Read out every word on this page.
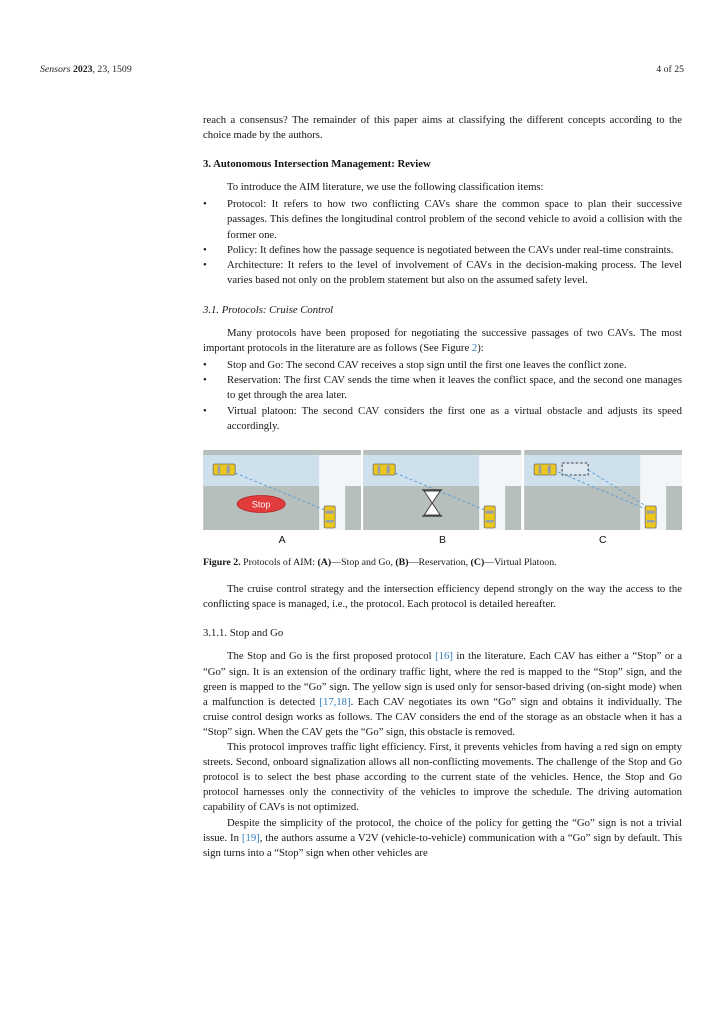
Sensors 2023, 23, 1509	4 of 25

reach a consensus? The remainder of this paper aims at classifying the different concepts according to the choice made by the authors.

3. Autonomous Intersection Management: Review

To introduce the AIM literature, we use the following classification items:

•	Protocol: It refers to how two conflicting CAVs share the common space to plan their successive passages. This defines the longitudinal control problem of the second vehicle to avoid a collision with the former one.
•	Policy: It defines how the passage sequence is negotiated between the CAVs under real-time constraints.
•	Architecture: It refers to the level of involvement of CAVs in the decision-making process. The level varies based not only on the problem statement but also on the assumed safety level.
3.1. Protocols: Cruise Control

Many protocols have been proposed for negotiating the successive passages of two CAVs. The most important protocols in the literature are as follows (See Figure 2):

•	Stop and Go: The second CAV receives a stop sign until the first one leaves the conflict zone.
•	Reservation: The first CAV sends the time when it leaves the conflict space, and the second one manages to get through the area later.
•	Virtual platoon: The second CAV considers the first one as a virtual obstacle and adjusts its speed accordingly.
Stop
A	B	C
Figure 2. Protocols of AIM: (A)—Stop and Go, (B)—Reservation, (C)—Virtual Platoon.

The cruise control strategy and the intersection efficiency depend strongly on the way the access to the conflicting space is managed, i.e., the protocol. Each protocol is detailed hereafter.

3.1.1. Stop and Go

The Stop and Go is the first proposed protocol [16] in the literature. Each CAV has either a “Stop” or a “Go” sign. It is an extension of the ordinary traffic light, where the red is mapped to the “Stop” sign, and the green is mapped to the “Go” sign. The yellow sign is used only for sensor-based driving (on-sight mode) when a malfunction is detected [17,18]. Each CAV negotiates its own “Go” sign and obtains it individually. The cruise control design works as follows. The CAV considers the end of the storage as an obstacle when it has a “Stop” sign. When the CAV gets the “Go” sign, this obstacle is removed.

This protocol improves traffic light efficiency. First, it prevents vehicles from having a red sign on empty streets. Second, onboard signalization allows all non-conflicting movements. The challenge of the Stop and Go protocol is to select the best phase according to the current state of the vehicles. Hence, the Stop and Go protocol harnesses only the connectivity of the vehicles to improve the schedule. The driving automation capability of CAVs is not optimized.

Despite the simplicity of the protocol, the choice of the policy for getting the “Go” sign is not a trivial issue. In [19], the authors assume a V2V (vehicle-to-vehicle) communication with a “Go” sign by default. This sign turns into a “Stop” sign when other vehicles are
